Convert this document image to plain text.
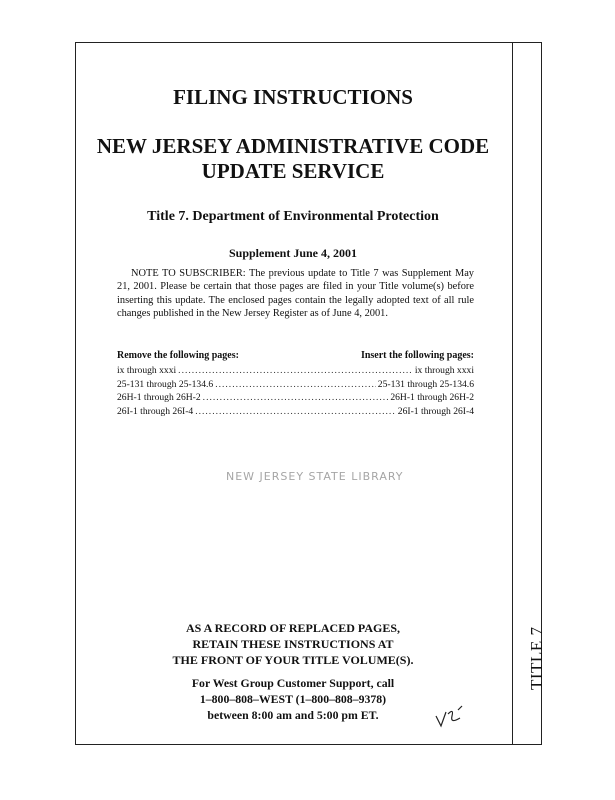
TITLE 7
FILING INSTRUCTIONS
NEW JERSEY ADMINISTRATIVE CODE
UPDATE SERVICE
Title 7. Department of Environmental Protection
Supplement June 4, 2001
NOTE TO SUBSCRIBER: The previous update to Title 7 was Supplement May 21, 2001. Please be certain that those pages are filed in your Title volume(s) before inserting this update. The enclosed pages contain the legally adopted text of all rule changes published in the New Jersey Register as of June 4, 2001.
Remove the following pages:	Insert the following pages:
ix through xxxi .....	ix through xxxi
25-131 through 25-134.6 .....	25-131 through 25-134.6
26H-1 through 26H-2 .....	26H-1 through 26H-2
26I-1 through 26I-4 .....	26I-1 through 26I-4
NEW JERSEY STATE LIBRARY
AS A RECORD OF REPLACED PAGES,
RETAIN THESE INSTRUCTIONS AT
THE FRONT OF YOUR TITLE VOLUME(S).
For West Group Customer Support, call
1–800–808–WEST (1–800–808–9378)
between 8:00 am and 5:00 pm ET.
